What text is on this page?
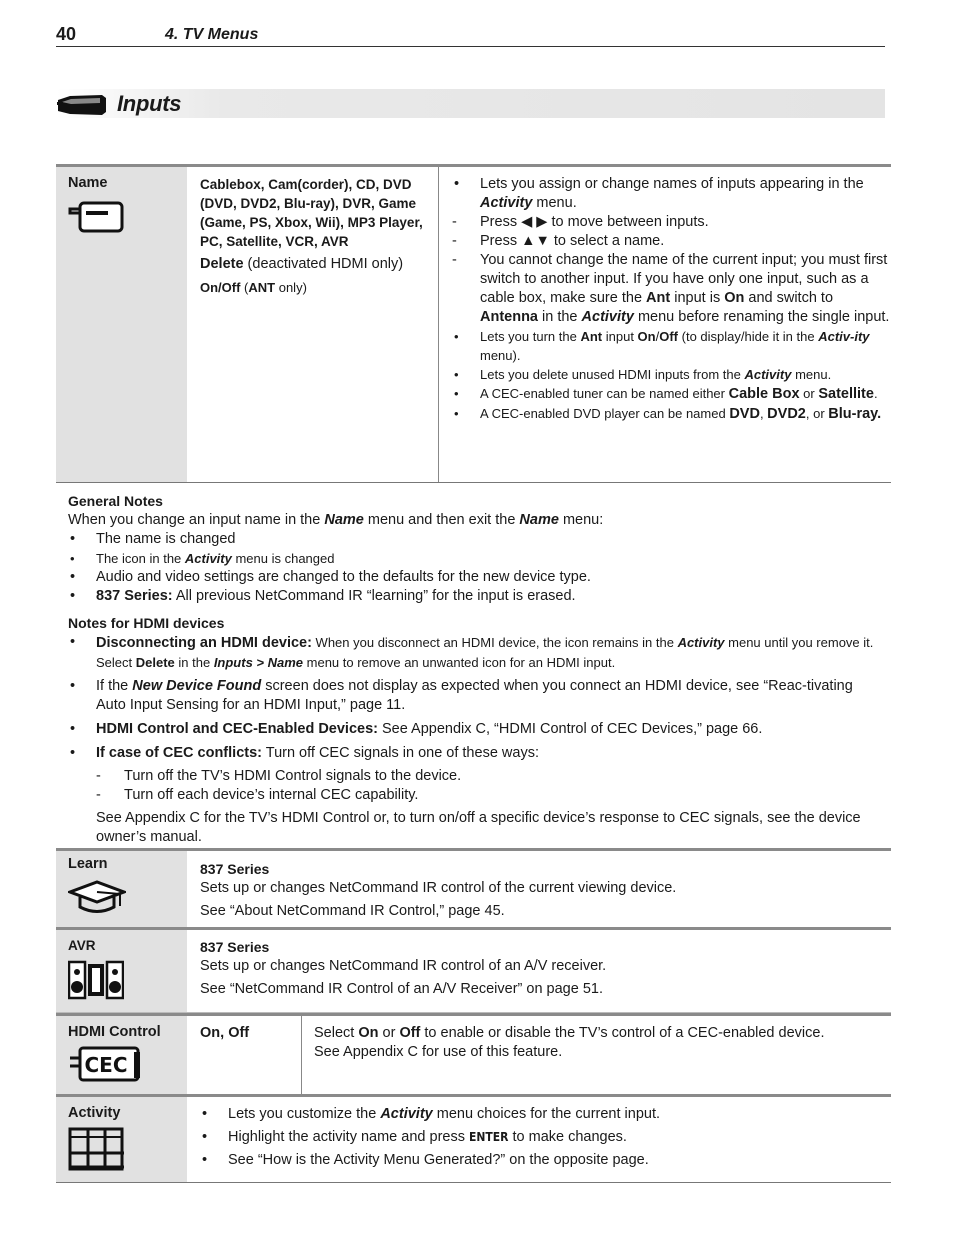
40	4. TV Menus
Inputs
Name	Cablebox, Cam(corder), CD, DVD (DVD, DVD2, Blu-ray), DVR, Game (Game, PS, Xbox, Wii), MP3 Player, PC, Satellite, VCR, AVR
Delete (deactivated HDMI only)
On/Off (ANT only)

• Lets you assign or change names of inputs appearing in the Activity menu.

- Press ◀ ▶ to move between inputs.

- Press ▲▼ to select a name.

- You cannot change the name of the current input; you must first switch to another input. If you have only one input, such as a cable box, make sure the Ant input is On and switch to Antenna in the Activity menu before renaming the single input.

• Lets you turn the Ant input On/Off (to display/hide it in the Activ-ity menu).

• Lets you delete unused HDMI inputs from the Activity menu.

• A CEC-enabled tuner can be named either Cable Box or Satellite.

• A CEC-enabled DVD player can be named DVD, DVD2, or Blu-ray.

General Notes

When you change an input name in the Name menu and then exit the Name menu:

• The name is changed

• The icon in the Activity menu is changed

• Audio and video settings are changed to the defaults for the new device type.

• 837 Series: All previous NetCommand IR “learning” for the input is erased.

Notes for HDMI devices

• Disconnecting an HDMI device: When you disconnect an HDMI device, the icon remains in the Activity menu until you remove it. Select Delete in the Inputs > Name menu to remove an unwanted icon for an HDMI input.

• If the New Device Found screen does not display as expected when you connect an HDMI device, see “Reac-tivating Auto Input Sensing for an HDMI Input,” page 11.

• HDMI Control and CEC-Enabled Devices: See Appendix C, “HDMI Control of CEC Devices,” page 66.

• If case of CEC conflicts: Turn off CEC signals in one of these ways:

- Turn off the TV’s HDMI Control signals to the device.

- Turn off each device’s internal CEC capability.

See Appendix C for the TV’s HDMI Control or, to turn on/off a specific device’s response to CEC signals, see the device owner’s manual.

Learn	837 Series

Sets up or changes NetCommand IR control of the current viewing device.

See “About NetCommand IR Control,” page 45.

AVR	837 Series

Sets up or changes NetCommand IR control of an A/V receiver.

See “NetCommand IR Control of an A/V Receiver” on page 51.

HDMI Control
CEC
On, Off	Select On or Off to enable or disable the TV’s control of a CEC-enabled device.

See Appendix C for use of this feature.

Activity

•	Lets you customize the Activity menu choices for the current input.

• Highlight the activity name and press ENTER to make changes.

• See “How is the Activity Menu Generated?” on the opposite page.
